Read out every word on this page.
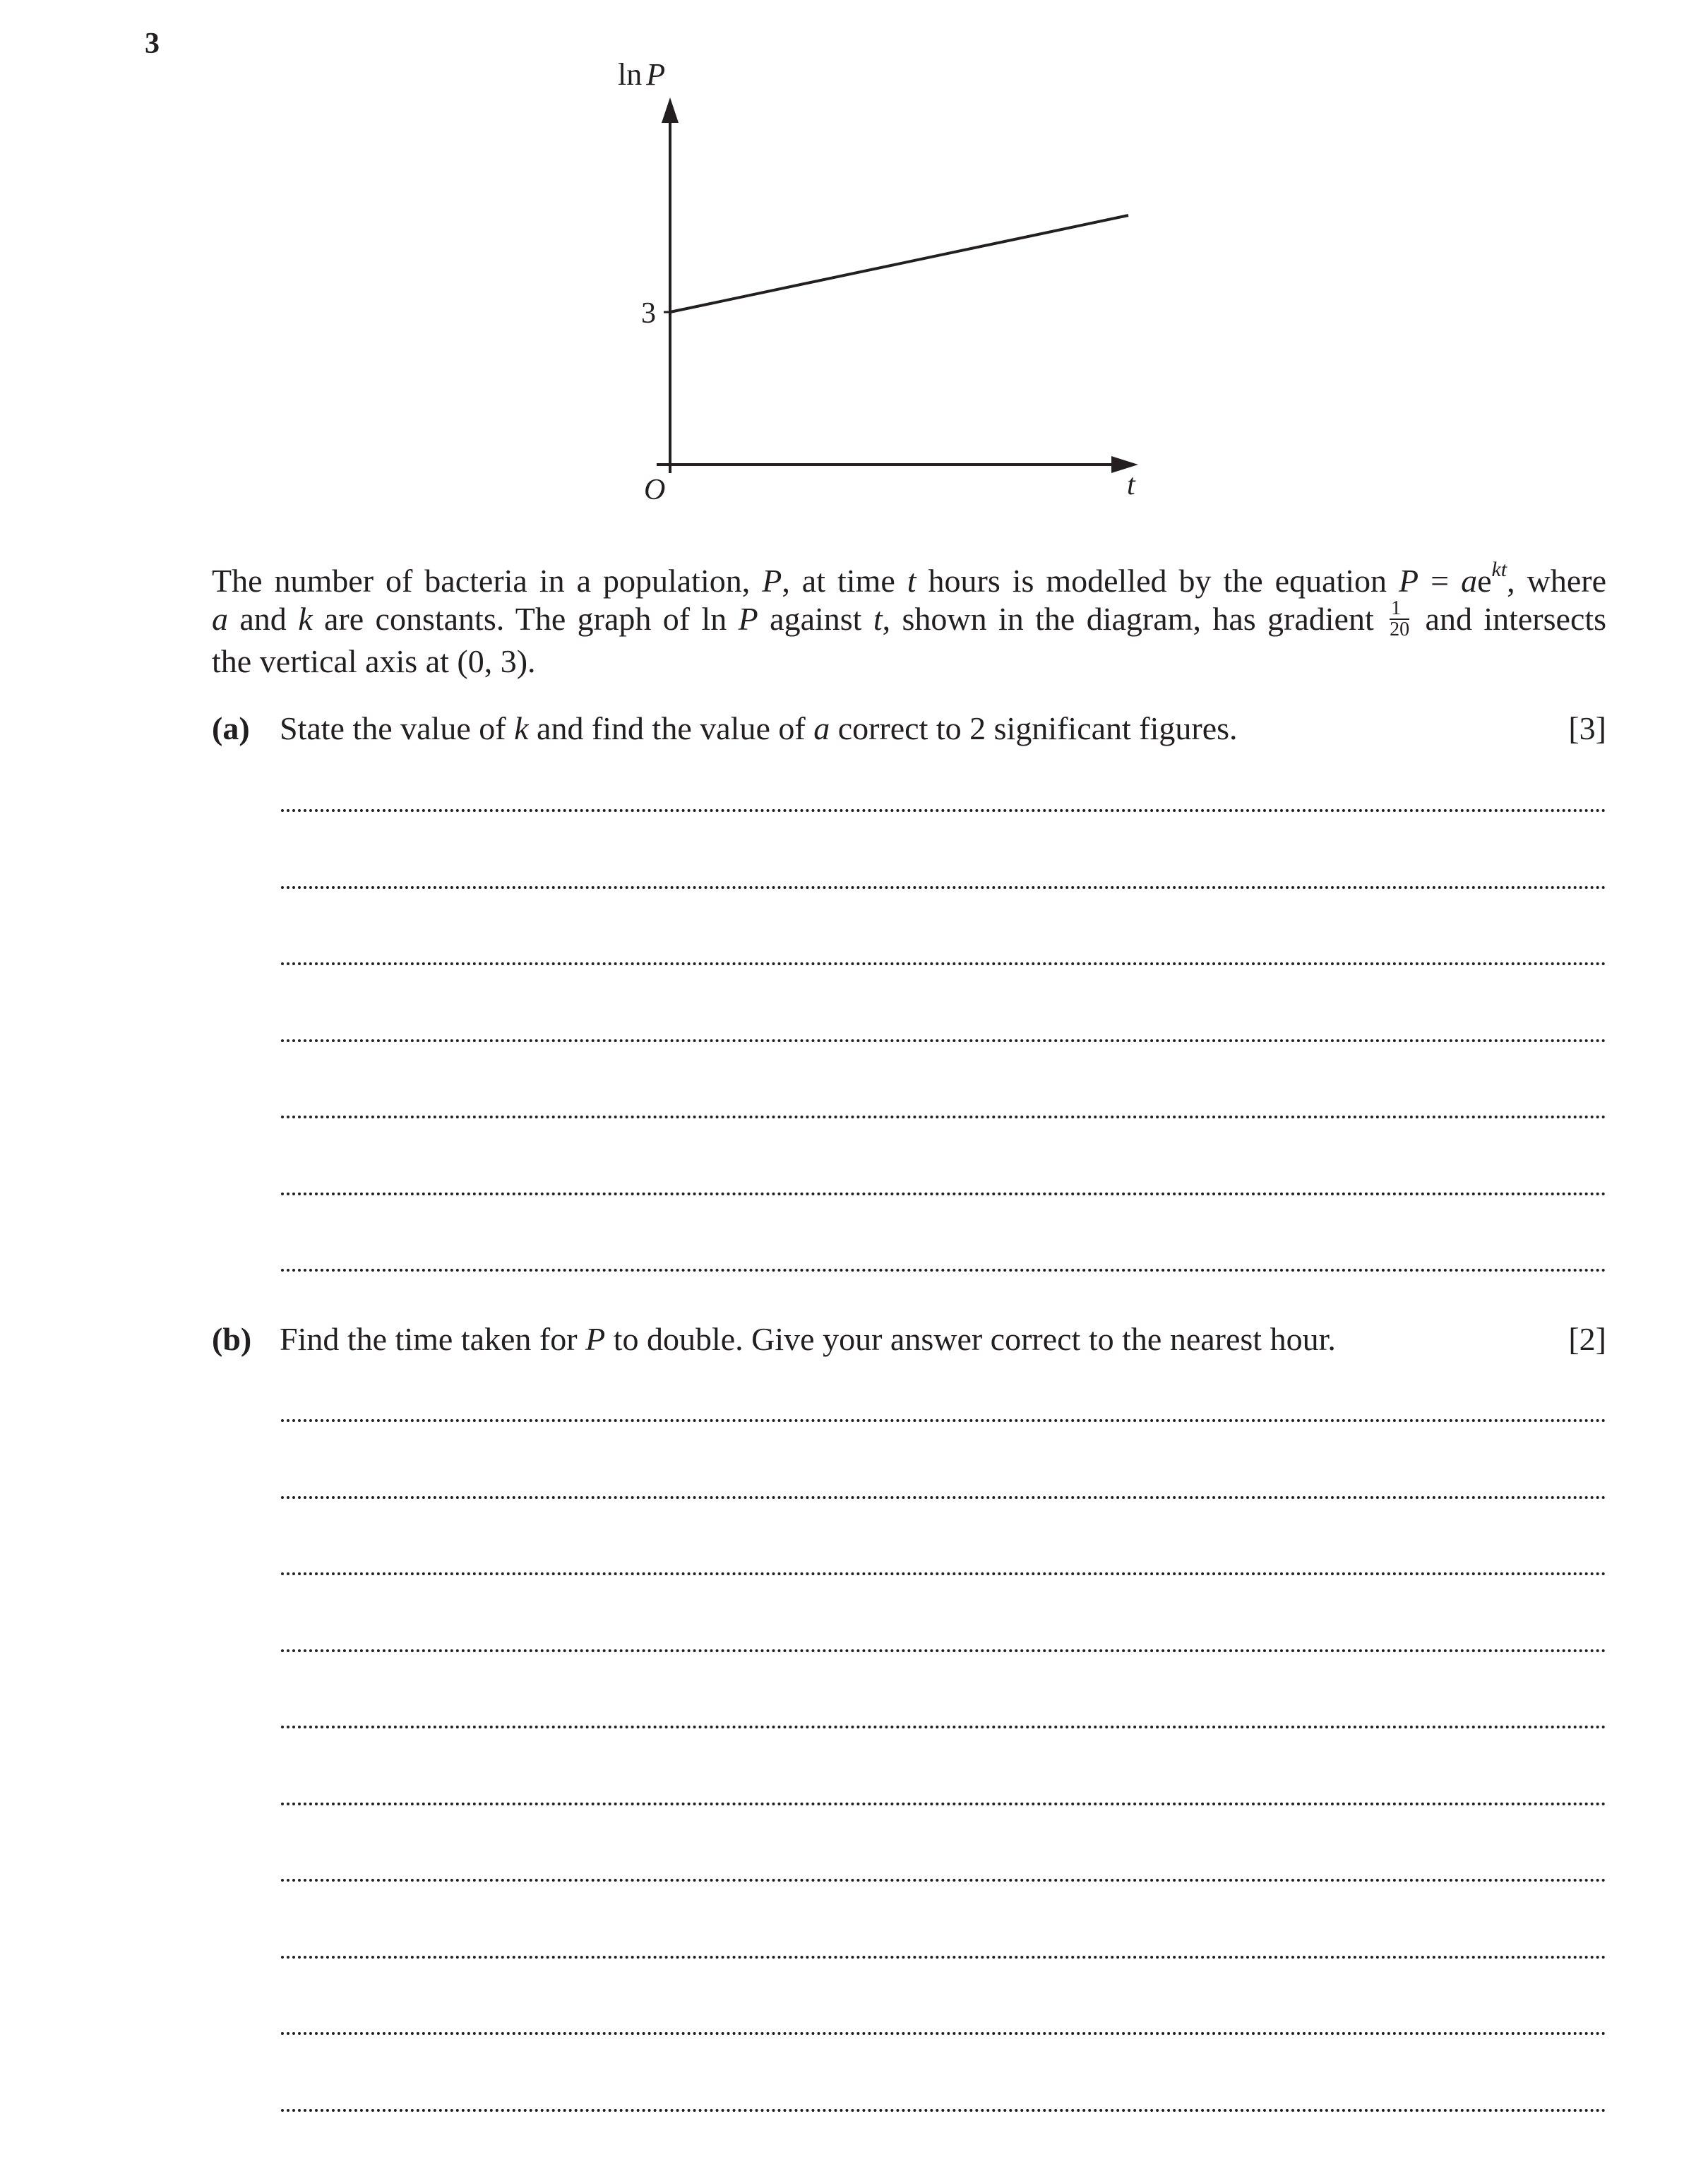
3
ln P
3
O	t
The number of bacteria in a population, P, at time t hours is modelled by the equation $P = ae^{kt}$, where
a and k are constants. The graph of ln P against t, shown in the diagram, has gradient $\frac{1}{20}$ and intersects
the vertical axis at (0, 3).
(a) State the value of k and find the value of a correct to 2 significant figures.	[3]
(b) Find the time taken for P to double. Give your answer correct to the nearest hour.	[2]
